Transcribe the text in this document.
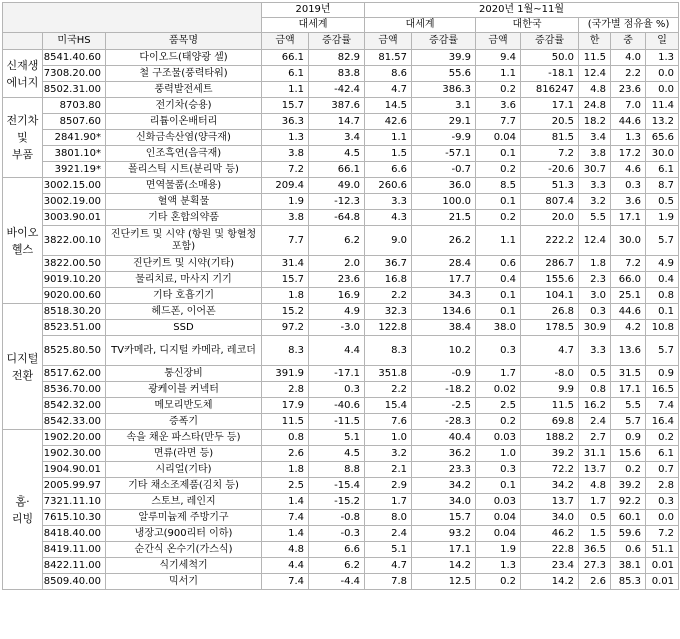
			2019년		2020년 1월~11월						
			대세계		대세계		대한국		(국가별 점유율 %)		
	미국HS	품목명	금액	증감률	금액	증감률	금액	증감률	한	중	일
신재생
에너지	8541.40.60	다이오드(태양광 셀)	66.1	82.9	81.57	39.9	9.4	50.0	11.5	4.0	1.3
	7308.20.00	철 구조물(풍력타워)	6.1	83.8	8.6	55.6	1.1	-18.1	12.4	2.2	0.0
	8502.31.00	풍력발전세트	1.1	-42.4	4.7	386.3	0.2	816247	4.8	23.6	0.0
전기차
및
부품	8703.80	전기차(승용)	15.7	387.6	14.5	3.1	3.6	17.1	24.8	7.0	11.4
	8507.60	리튬이온배터리	36.3	14.7	42.6	29.1	7.7	20.5	18.2	44.6	13.2
	2841.90*	신화금속산염(양극재)	1.3	3.4	1.1	-9.9	0.04	81.5	3.4	1.3	65.6
	3801.10*	인조흑연(음극재)	3.8	4.5	1.5	-57.1	0.1	7.2	3.8	17.2	30.0
	3921.19*	폴리스틱 시트(분리막 등)	7.2	66.1	6.6	-0.7	0.2	-20.6	30.7	4.6	6.1
바이오
헬스	3002.15.00	면역물품(소매용)	209.4	49.0	260.6	36.0	8.5	51.3	3.3	0.3	8.7
	3002.19.00	혈액 분획물	1.9	-12.3	3.3	100.0	0.1	807.4	3.2	3.6	0.5
	3003.90.01	기타 혼합의약품	3.8	-64.8	4.3	21.5	0.2	20.0	5.5	17.1	1.9
	3822.00.10	진단키트 및 시약 (항원 및 항혈청 포함)	7.7	6.2	9.0	26.2	1.1	222.2	12.4	30.0	5.7
	3822.00.50	진단키트 및 시약(기타)	31.4	2.0	36.7	28.4	0.6	286.7	1.8	7.2	4.9
	9019.10.20	물리치료, 마사지 기기	15.7	23.6	16.8	17.7	0.4	155.6	2.3	66.0	0.4
	9020.00.60	기타 호흡기기	1.8	16.9	2.2	34.3	0.1	104.1	3.0	25.1	0.8
디지털
전환	8518.30.20	헤드폰, 이어폰	15.2	4.9	32.3	134.6	0.1	26.8	0.3	44.6	0.1
	8523.51.00	SSD	97.2	-3.0	122.8	38.4	38.0	178.5	30.9	4.2	10.8
	8525.80.50	TV카메라, 디지털 카메라, 레코더	8.3	4.4	8.3	10.2	0.3	4.7	3.3	13.6	5.7
	8517.62.00	통신장비	391.9	-17.1	351.8	-0.9	1.7	-8.0	0.5	31.5	0.9
	8536.70.00	광케이블 커넥터	2.8	0.3	2.2	-18.2	0.02	9.9	0.8	17.1	16.5
	8542.32.00	메모리반도체	17.9	-40.6	15.4	-2.5	2.5	11.5	16.2	5.5	7.4
	8542.33.00	증폭기	11.5	-11.5	7.6	-28.3	0.2	69.8	2.4	5.7	16.4
홈·
리빙	1902.20.00	속을 채운 파스타(만두 등)	0.8	5.1	1.0	40.4	0.03	188.2	2.7	0.9	0.2
	1902.30.00	면류(라면 등)	2.6	4.5	3.2	36.2	1.0	39.2	31.1	15.6	6.1
	1904.90.01	시리얼(기타)	1.8	8.8	2.1	23.3	0.3	72.2	13.7	0.2	0.7
	2005.99.97	기타 채소조제품(김치 등)	2.5	-15.4	2.9	34.2	0.1	34.2	4.8	39.2	2.8
	7321.11.10	스토브, 레인지	1.4	-15.2	1.7	34.0	0.03	13.7	1.7	92.2	0.3
	7615.10.30	알루미늄제 주방기구	7.4	-0.8	8.0	15.7	0.04	34.0	0.5	60.1	0.0
	8418.40.00	냉장고(900리터 이하)	1.4	-0.3	2.4	93.2	0.04	46.2	1.5	59.6	7.2
	8419.11.00	순간식 온수기(가스식)	4.8	6.6	5.1	17.1	1.9	22.8	36.5	0.6	51.1
	8422.11.00	식기세척기	4.4	6.2	4.7	14.2	1.3	23.4	27.3	38.1	0.01
	8509.40.00	믹서기	7.4	-4.4	7.8	12.5	0.2	14.2	2.6	85.3	0.01
